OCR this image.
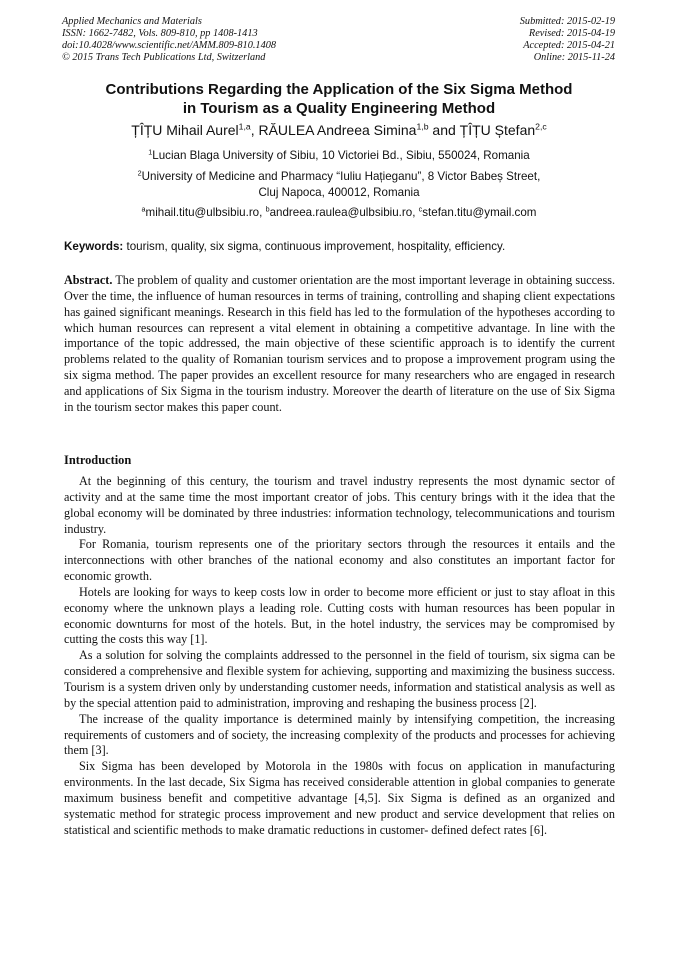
Applied Mechanics and Materials
ISSN: 1662-7482, Vols. 809-810, pp 1408-1413
doi:10.4028/www.scientific.net/AMM.809-810.1408
© 2015 Trans Tech Publications Ltd, Switzerland
Submitted: 2015-02-19
Revised: 2015-04-19
Accepted: 2015-04-21
Online: 2015-11-24
Contributions Regarding the Application of the Six Sigma Method
in Tourism as a Quality Engineering Method
ȚÎȚU Mihail Aurel$^{1,a}$, RĂULEA Andreea Simina$^{1,b}$ and ȚÎȚU Ștefan$^{2,c}$
$^1$Lucian Blaga University of Sibiu, 10 Victoriei Bd., Sibiu, 550024, Romania
$^2$University of Medicine and Pharmacy “Iuliu Hațieganu”, 8 Victor Babeș Street,
Cluj Napoca, 400012, Romania
$^a$mihail.titu@ulbsibiu.ro, $^b$andreea.raulea@ulbsibiu.ro, $^c$stefan.titu@ymail.com
Keywords: tourism, quality, six sigma, continuous improvement, hospitality, efficiency.

Abstract. The problem of quality and customer orientation are the most important leverage in obtaining success. Over the time, the influence of human resources in terms of training, controlling and shaping client expectations has gained significant meanings. Research in this field has led to the formulation of the hypotheses according to which human resources can represent a vital element in obtaining a competitive advantage. In line with the importance of the topic addressed, the main objective of these scientific approach is to identify the current problems related to the quality of Romanian tourism services and to propose a improvement program using the six sigma method. The paper provides an excellent resource for many researchers who are engaged in research and applications of Six Sigma in the tourism industry. Moreover the dearth of literature on the use of Six Sigma in the tourism sector makes this paper count.

Introduction

At the beginning of this century, the tourism and travel industry represents the most dynamic sector of activity and at the same time the most important creator of jobs. This century brings with it the idea that the global economy will be dominated by three industries: information technology, telecommunications and tourism industry.

For Romania, tourism represents one of the prioritary sectors through the resources it entails and the interconnections with other branches of the national economy and also constitutes an important factor for economic growth.

Hotels are looking for ways to keep costs low in order to become more efficient or just to stay afloat in this economy where the unknown plays a leading role. Cutting costs with human resources has been popular in economic downturns for most of the hotels. But, in the hotel industry, the services may be compromised by cutting the costs this way [1].

As a solution for solving the complaints addressed to the personnel in the field of tourism, six sigma can be considered a comprehensive and flexible system for achieving, supporting and maximizing the business success. Tourism is a system driven only by understanding customer needs, information and statistical analysis as well as by the special attention paid to administration, improving and reshaping the business process [2].

The increase of the quality importance is determined mainly by intensifying competition, the increasing requirements of customers and of society, the increasing complexity of the products and processes for achieving them [3].

Six Sigma has been developed by Motorola in the 1980s with focus on application in manufacturing environments. In the last decade, Six Sigma has received considerable attention in global companies to generate maximum business benefit and competitive advantage [4,5]. Six Sigma is defined as an organized and systematic method for strategic process improvement and new product and service development that relies on statistical and scientific methods to make dramatic reductions in customer- defined defect rates [6].
